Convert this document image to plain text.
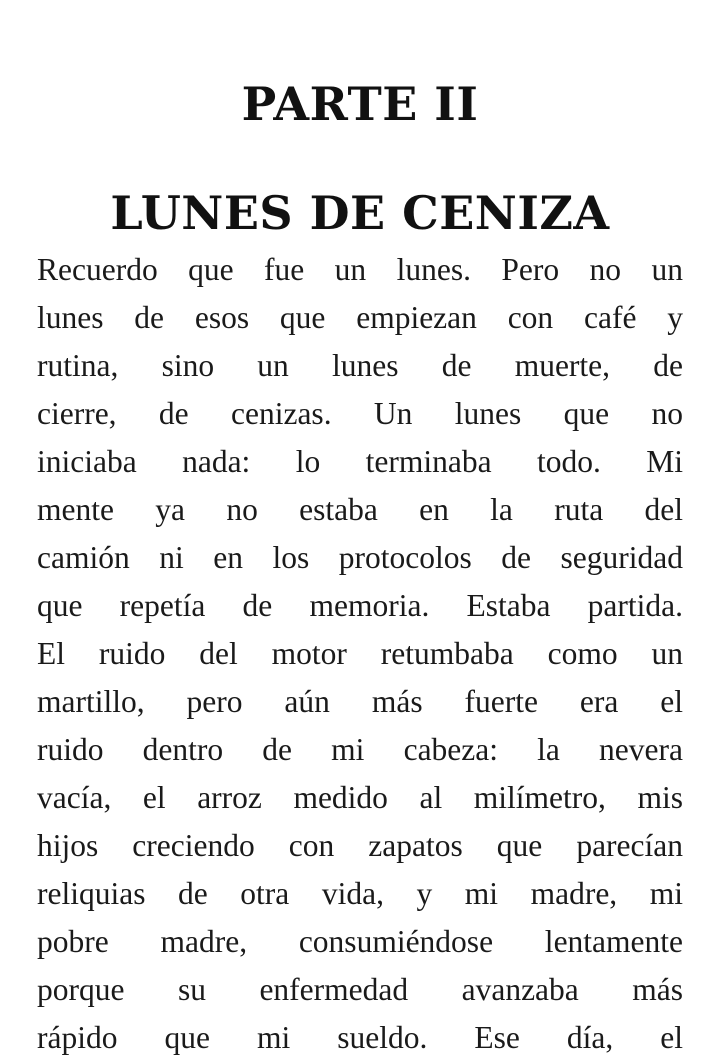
PARTE II
LUNES DE CENIZA
Recuerdo que fue un lunes. Pero no un
lunes de esos que empiezan con café y
rutina, sino un lunes de muerte, de
cierre, de cenizas. Un lunes que no
iniciaba nada: lo terminaba todo. Mi
mente ya no estaba en la ruta del
camión ni en los protocolos de seguridad
que repetía de memoria. Estaba partida.
El ruido del motor retumbaba como un
martillo, pero aún más fuerte era el
ruido dentro de mi cabeza: la nevera
vacía, el arroz medido al milímetro, mis
hijos creciendo con zapatos que parecían
reliquias de otra vida, y mi madre, mi
pobre madre, consumiéndose lentamente
porque su enfermedad avanzaba más
rápido que mi sueldo. Ese día, el
